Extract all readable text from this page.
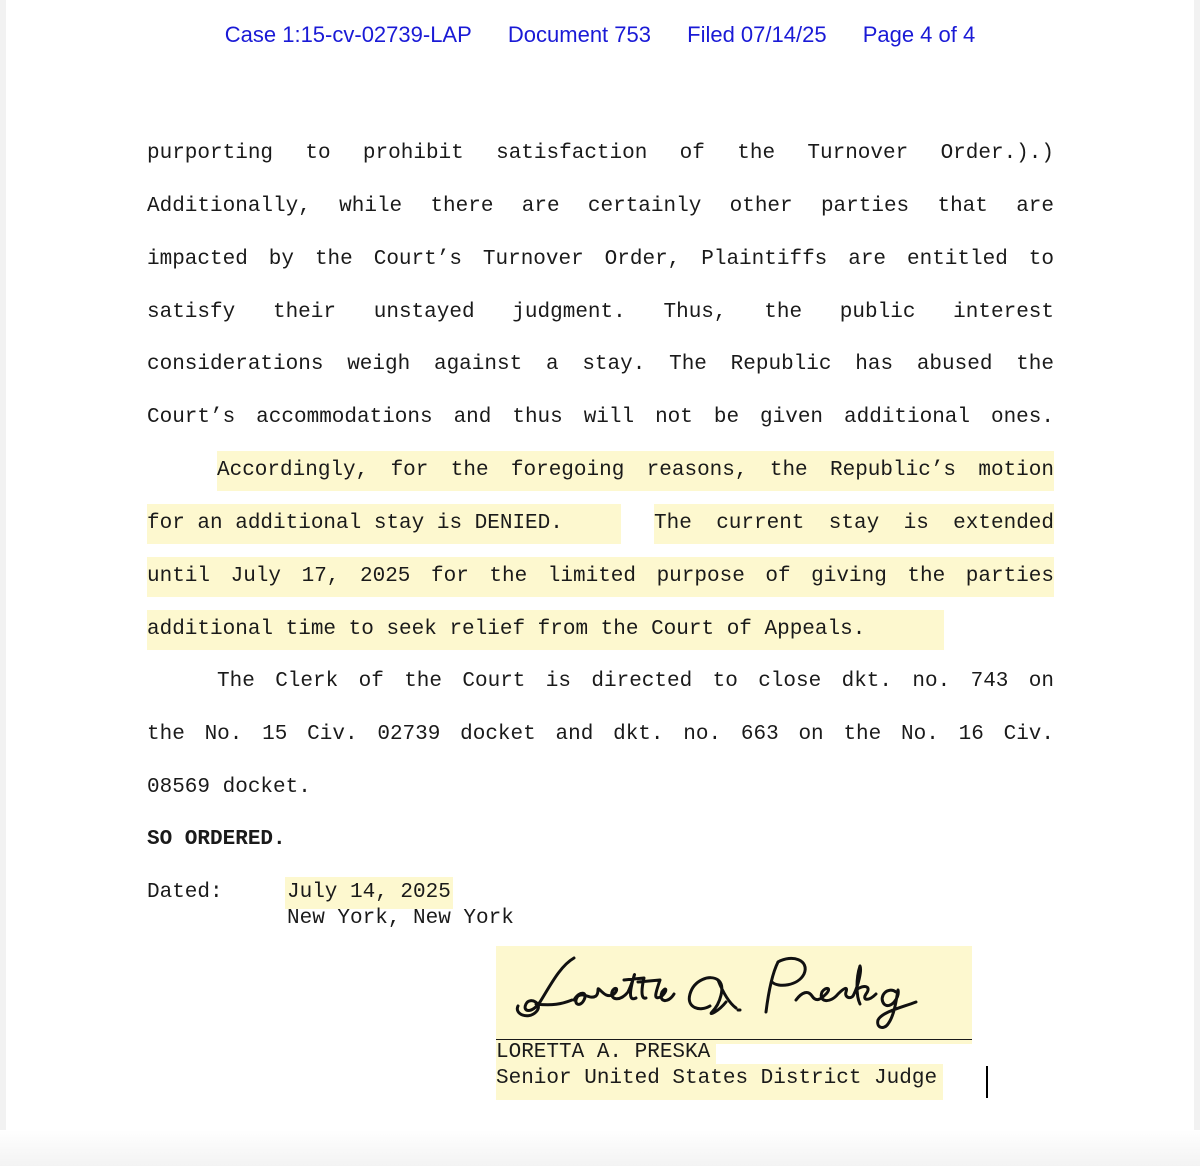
Case 1:15-cv-02739-LAP Document 753 Filed 07/14/25 Page 4 of 4
purporting to prohibit satisfaction of the Turnover Order.).)
Additionally, while there are certainly other parties that are
impacted by the Court’s Turnover Order, Plaintiffs are entitled to
satisfy their unstayed judgment. Thus, the public interest
considerations weigh against a stay. The Republic has abused the
Court’s accommodations and thus will not be given additional ones.
Accordingly, for the foregoing reasons, the Republic’s motion
for an additional stay is DENIED.	The current stay is extended
until July 17, 2025 for the limited purpose of giving the parties
additional time to seek relief from the Court of Appeals.
The Clerk of the Court is directed to close dkt. no. 743 on
the No. 15 Civ. 02739 docket and dkt. no. 663 on the No. 16 Civ.
08569 docket.
SO ORDERED.
Dated:	July 14, 2025
New York, New York
LORETTA A. PRESKA
Senior United States District Judge
